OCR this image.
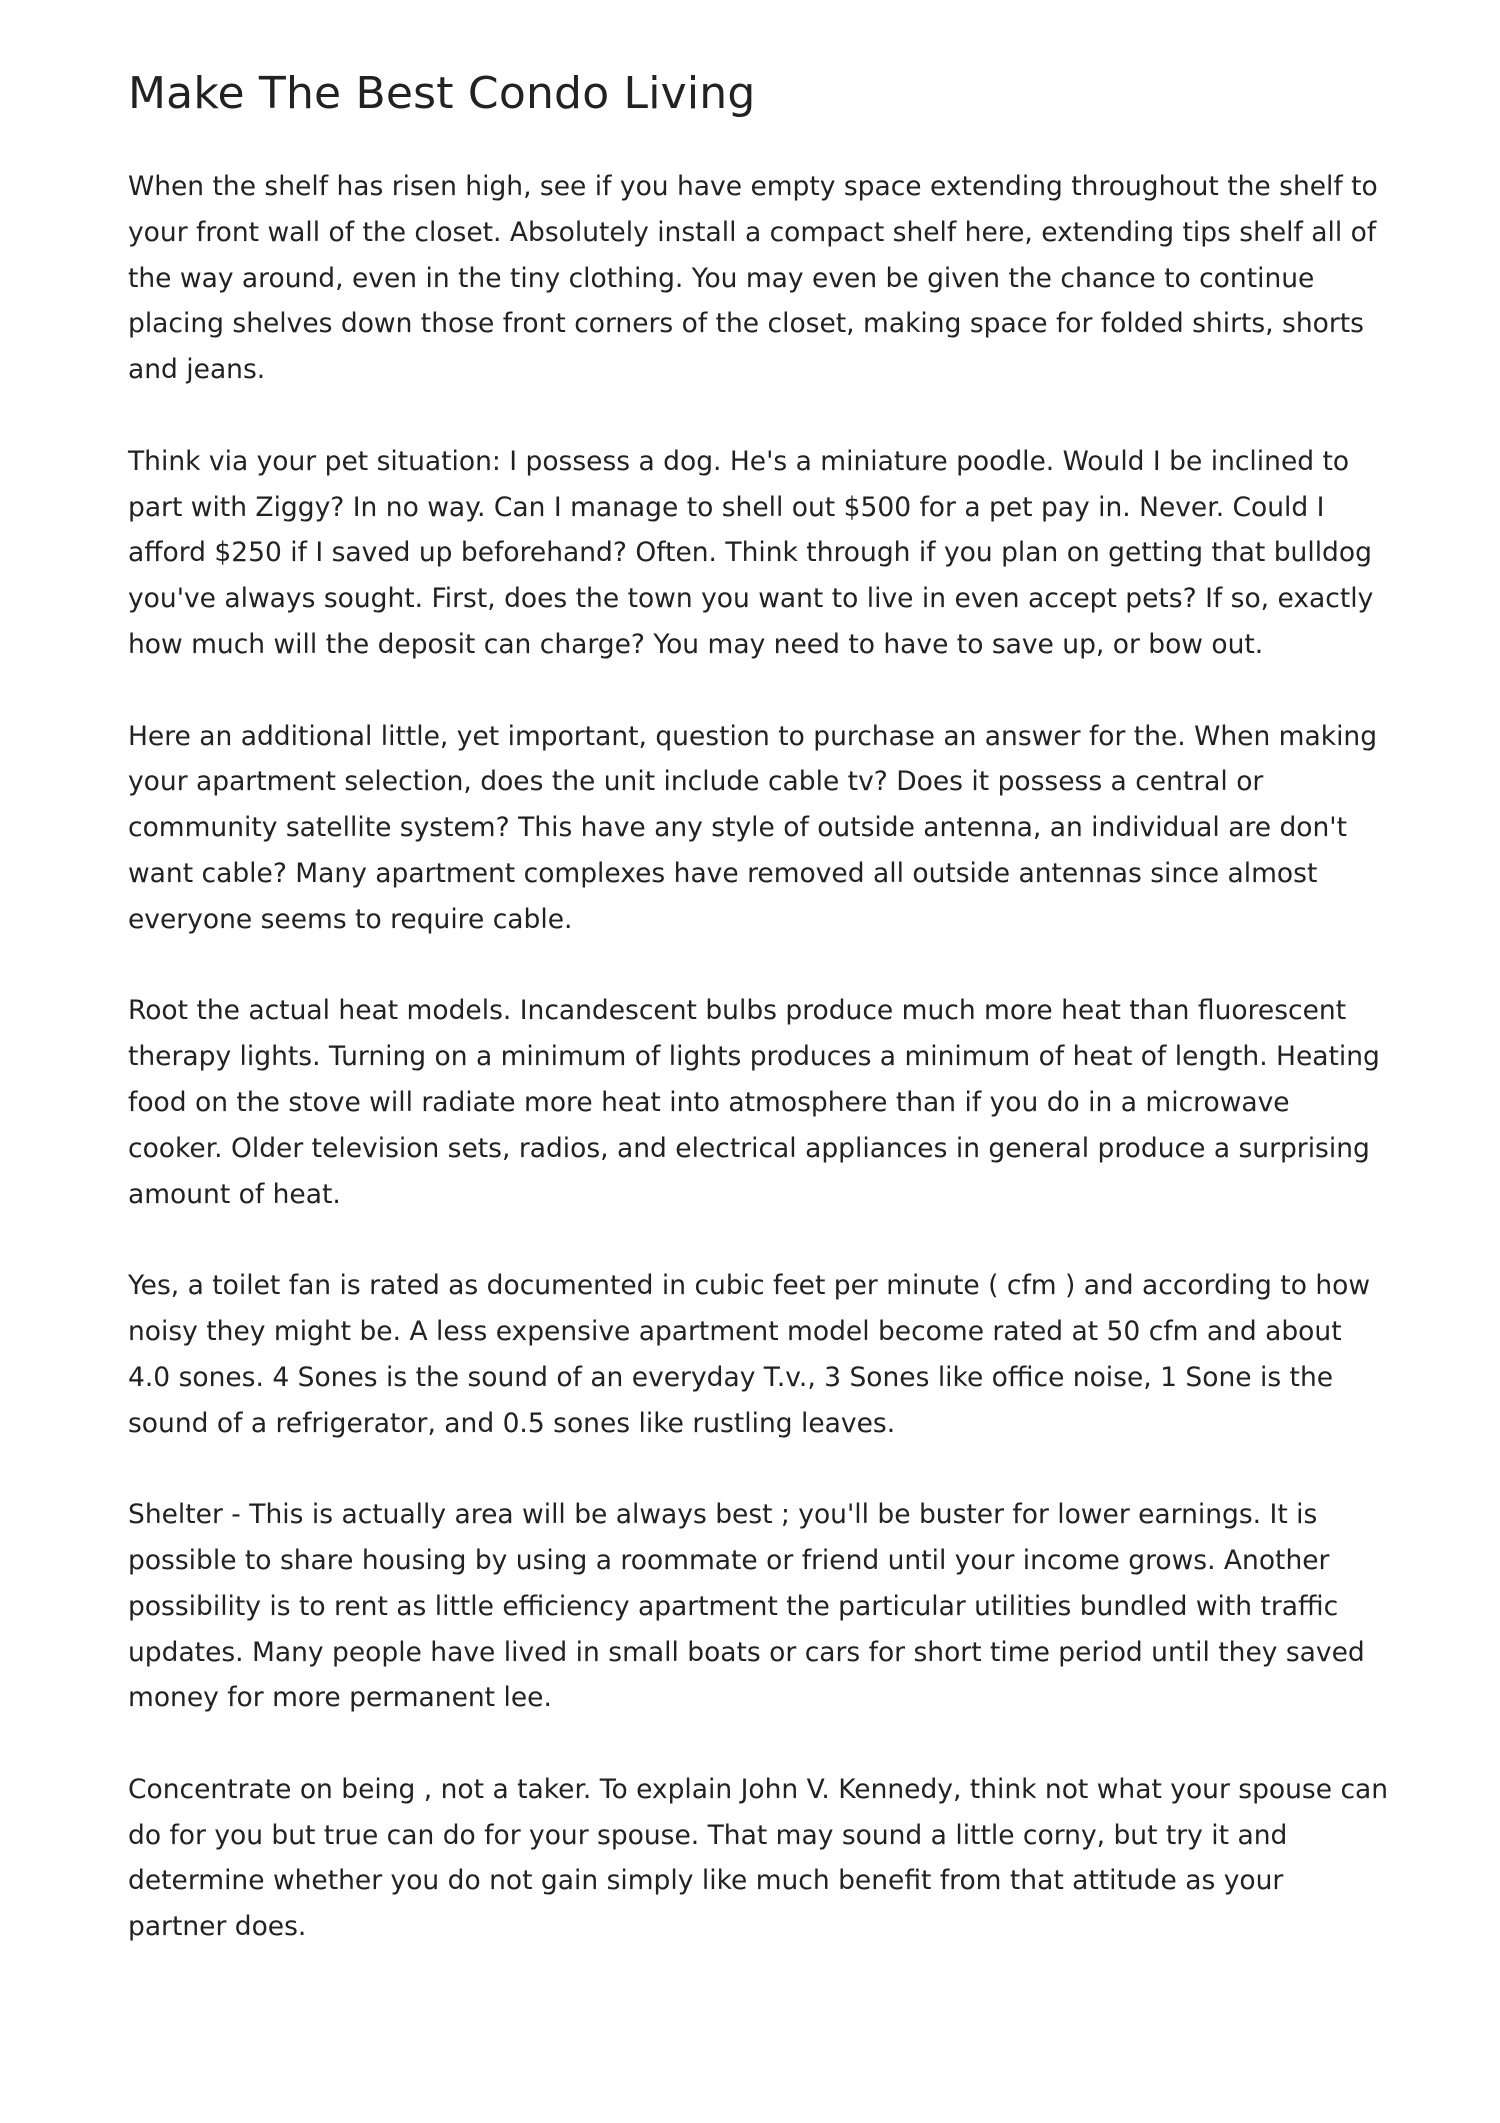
Make The Best Condo Living

When the shelf has risen high, see if you have empty space extending throughout the shelf to your front wall of the closet. Absolutely install a compact shelf here, extending tips shelf all of the way around, even in the tiny clothing. You may even be given the chance to continue placing shelves down those front corners of the closet, making space for folded shirts, shorts and jeans.

Think via your pet situation: I possess a dog. He's a miniature poodle. Would I be inclined to part with Ziggy? In no way. Can I manage to shell out $500 for a pet pay in. Never. Could I afford $250 if I saved up beforehand? Often. Think through if you plan on getting that bulldog you've always sought. First, does the town you want to live in even accept pets? If so, exactly how much will the deposit can charge? You may need to have to save up, or bow out.

Here an additional little, yet important, question to purchase an answer for the. When making your apartment selection, does the unit include cable tv? Does it possess a central or community satellite system? This have any style of outside antenna, an individual are don't want cable? Many apartment complexes have removed all outside antennas since almost everyone seems to require cable.

Root the actual heat models. Incandescent bulbs produce much more heat than fluorescent therapy lights. Turning on a minimum of lights produces a minimum of heat of length. Heating food on the stove will radiate more heat into atmosphere than if you do in a microwave cooker. Older television sets, radios, and electrical appliances in general produce a surprising amount of heat.

Yes, a toilet fan is rated as documented in cubic feet per minute ( cfm ) and according to how noisy they might be. A less expensive apartment model become rated at 50 cfm and about 4.0 sones. 4 Sones is the sound of an everyday T.v., 3 Sones like office noise, 1 Sone is the sound of a refrigerator, and 0.5 sones like rustling leaves.

Shelter - This is actually area will be always best ; you'll be buster for lower earnings. It is possible to share housing by using a roommate or friend until your income grows. Another possibility is to rent as little efficiency apartment the particular utilities bundled with traffic updates. Many people have lived in small boats or cars for short time period until they saved money for more permanent lee.

Concentrate on being , not a taker. To explain John V. Kennedy, think not what your spouse can do for you but true can do for your spouse. That may sound a little corny, but try it and determine whether you do not gain simply like much benefit from that attitude as your partner does.
